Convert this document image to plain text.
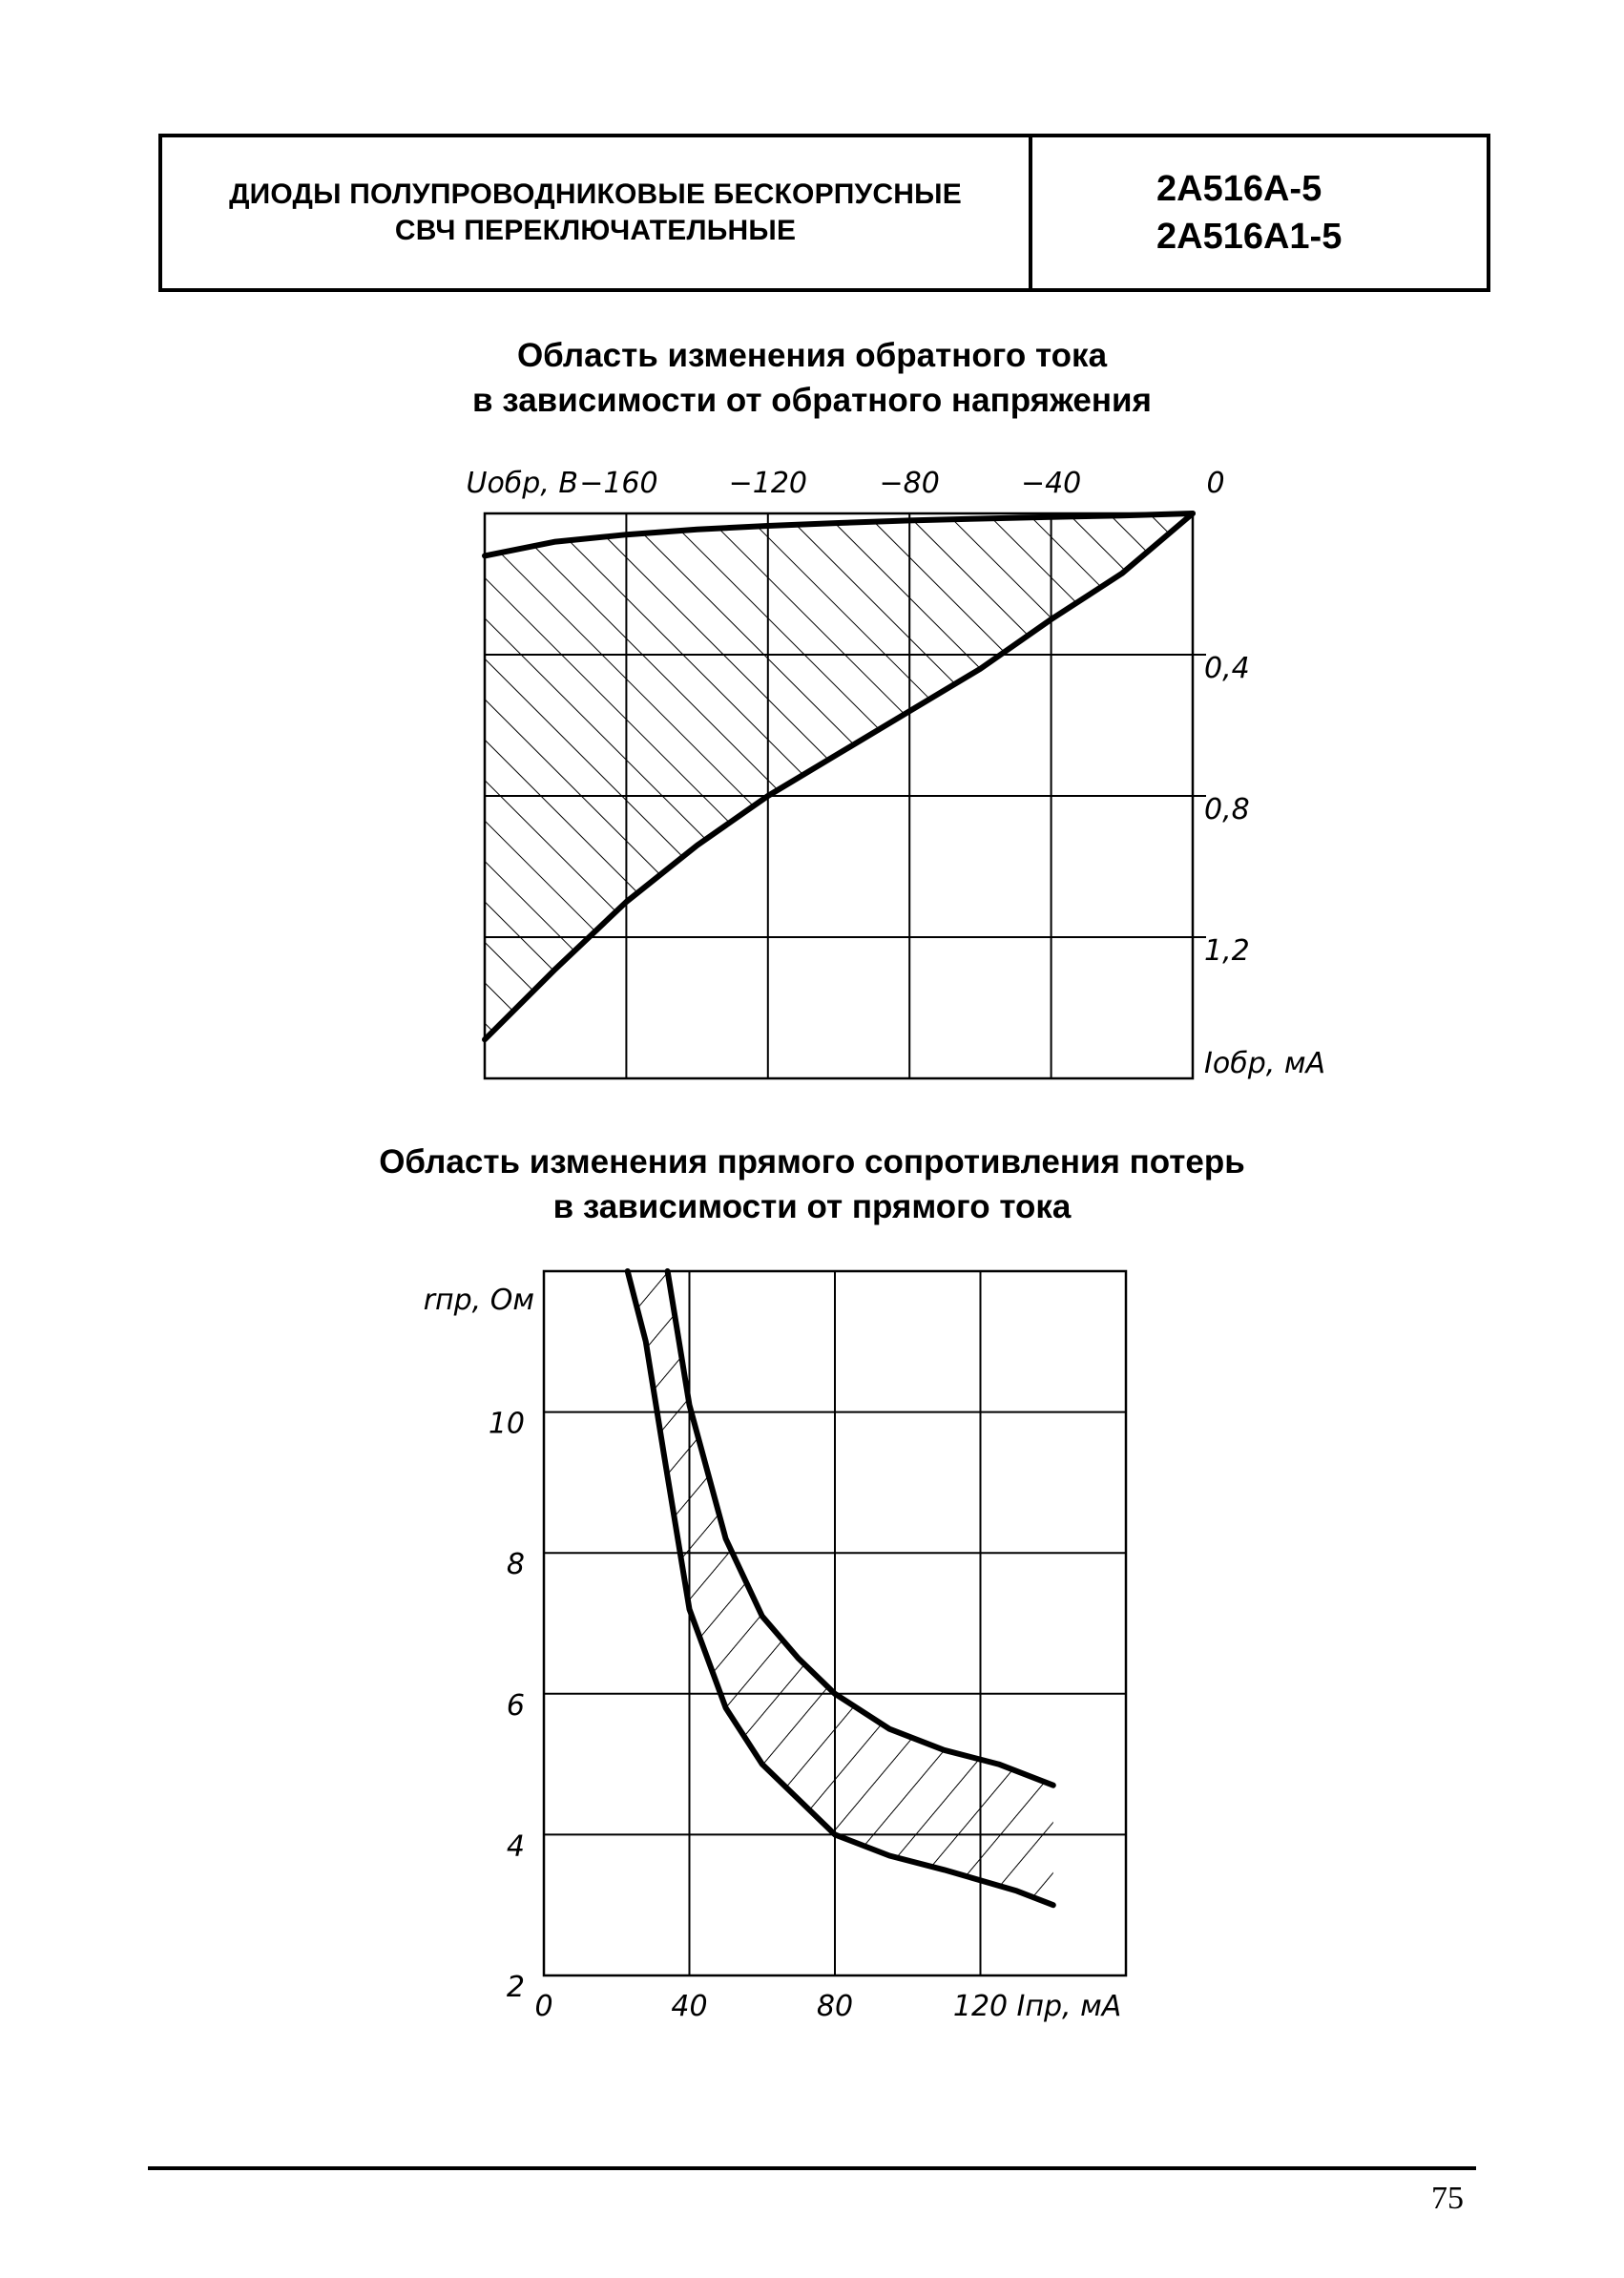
ДИОДЫ ПОЛУПРОВОДНИКОВЫЕ БЕСКОРПУСНЫЕ
СВЧ ПЕРЕКЛЮЧАТЕЛЬНЫЕ
2А516А-5
2А516А1-5
Область изменения обратного тока
в зависимости от обратного напряжения
−160 −120	−80	−40	0
Uобр, В
0,4
0,8
1,2
Iобр, мА
Область изменения прямого сопротивления потерь
в зависимости от прямого тока
0	40	80	120 Iпр, мА
2
4
6
8
10
rпр, Ом
75
